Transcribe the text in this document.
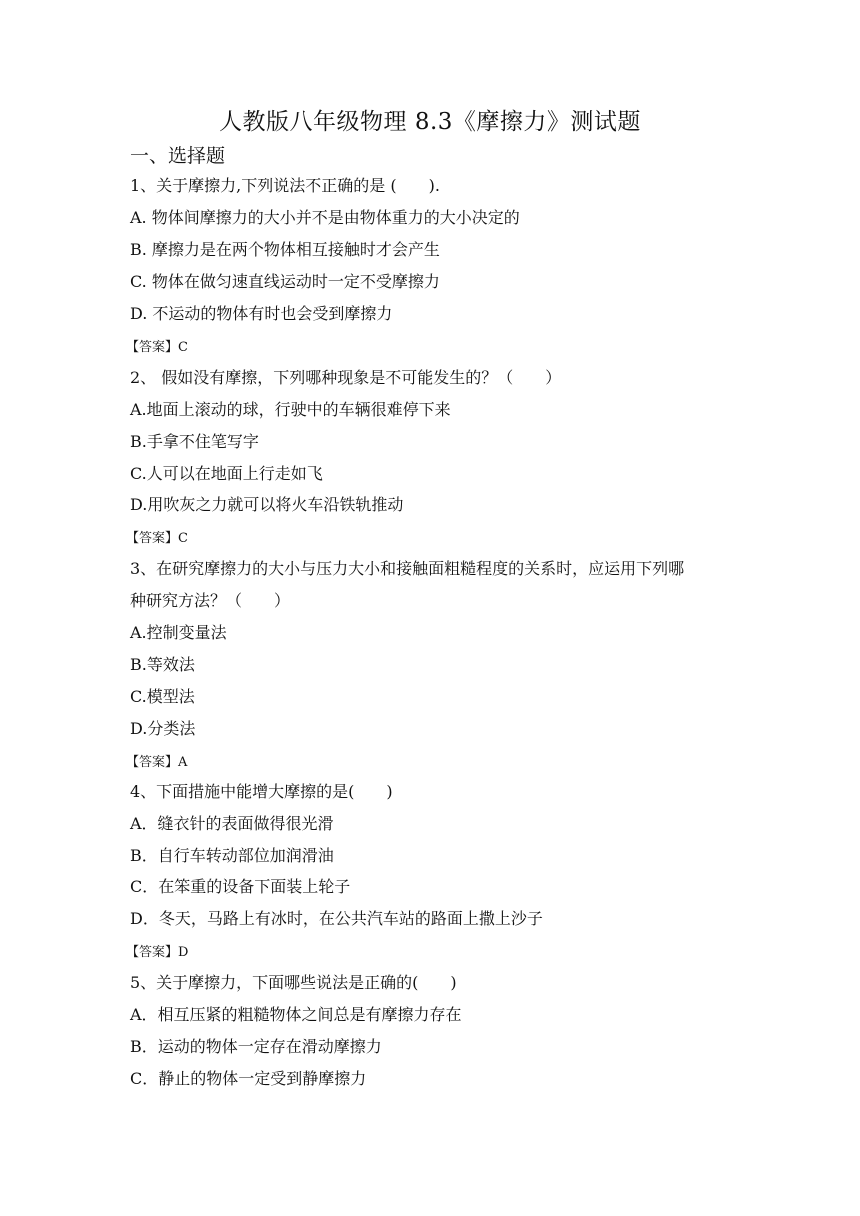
人教版八年级物理 8.3《摩擦力》测试题
一、选择题
1、关于摩擦力,下列说法不正确的是 (　　).
A. 物体间摩擦力的大小并不是由物体重力的大小决定的
B. 摩擦力是在两个物体相互接触时才会产生
C. 物体在做匀速直线运动时一定不受摩擦力
D. 不运动的物体有时也会受到摩擦力
【答案】C
2、 假如没有摩擦，下列哪种现象是不可能发生的？（　　）
A.地面上滚动的球，行驶中的车辆很难停下来
B.手拿不住笔写字
C.人可以在地面上行走如飞
D.用吹灰之力就可以将火车沿铁轨推动
【答案】C
3、在研究摩擦力的大小与压力大小和接触面粗糙程度的关系时，应运用下列哪
种研究方法？（　　）
A.控制变量法
B.等效法
C.模型法
D.分类法
【答案】A
4、下面措施中能增大摩擦的是(　　)
A．缝衣针的表面做得很光滑
B．自行车转动部位加润滑油
C．在笨重的设备下面装上轮子
D．冬天，马路上有冰时，在公共汽车站的路面上撒上沙子
【答案】D
5、关于摩擦力，下面哪些说法是正确的(　　)
A．相互压紧的粗糙物体之间总是有摩擦力存在
B．运动的物体一定存在滑动摩擦力
C．静止的物体一定受到静摩擦力
